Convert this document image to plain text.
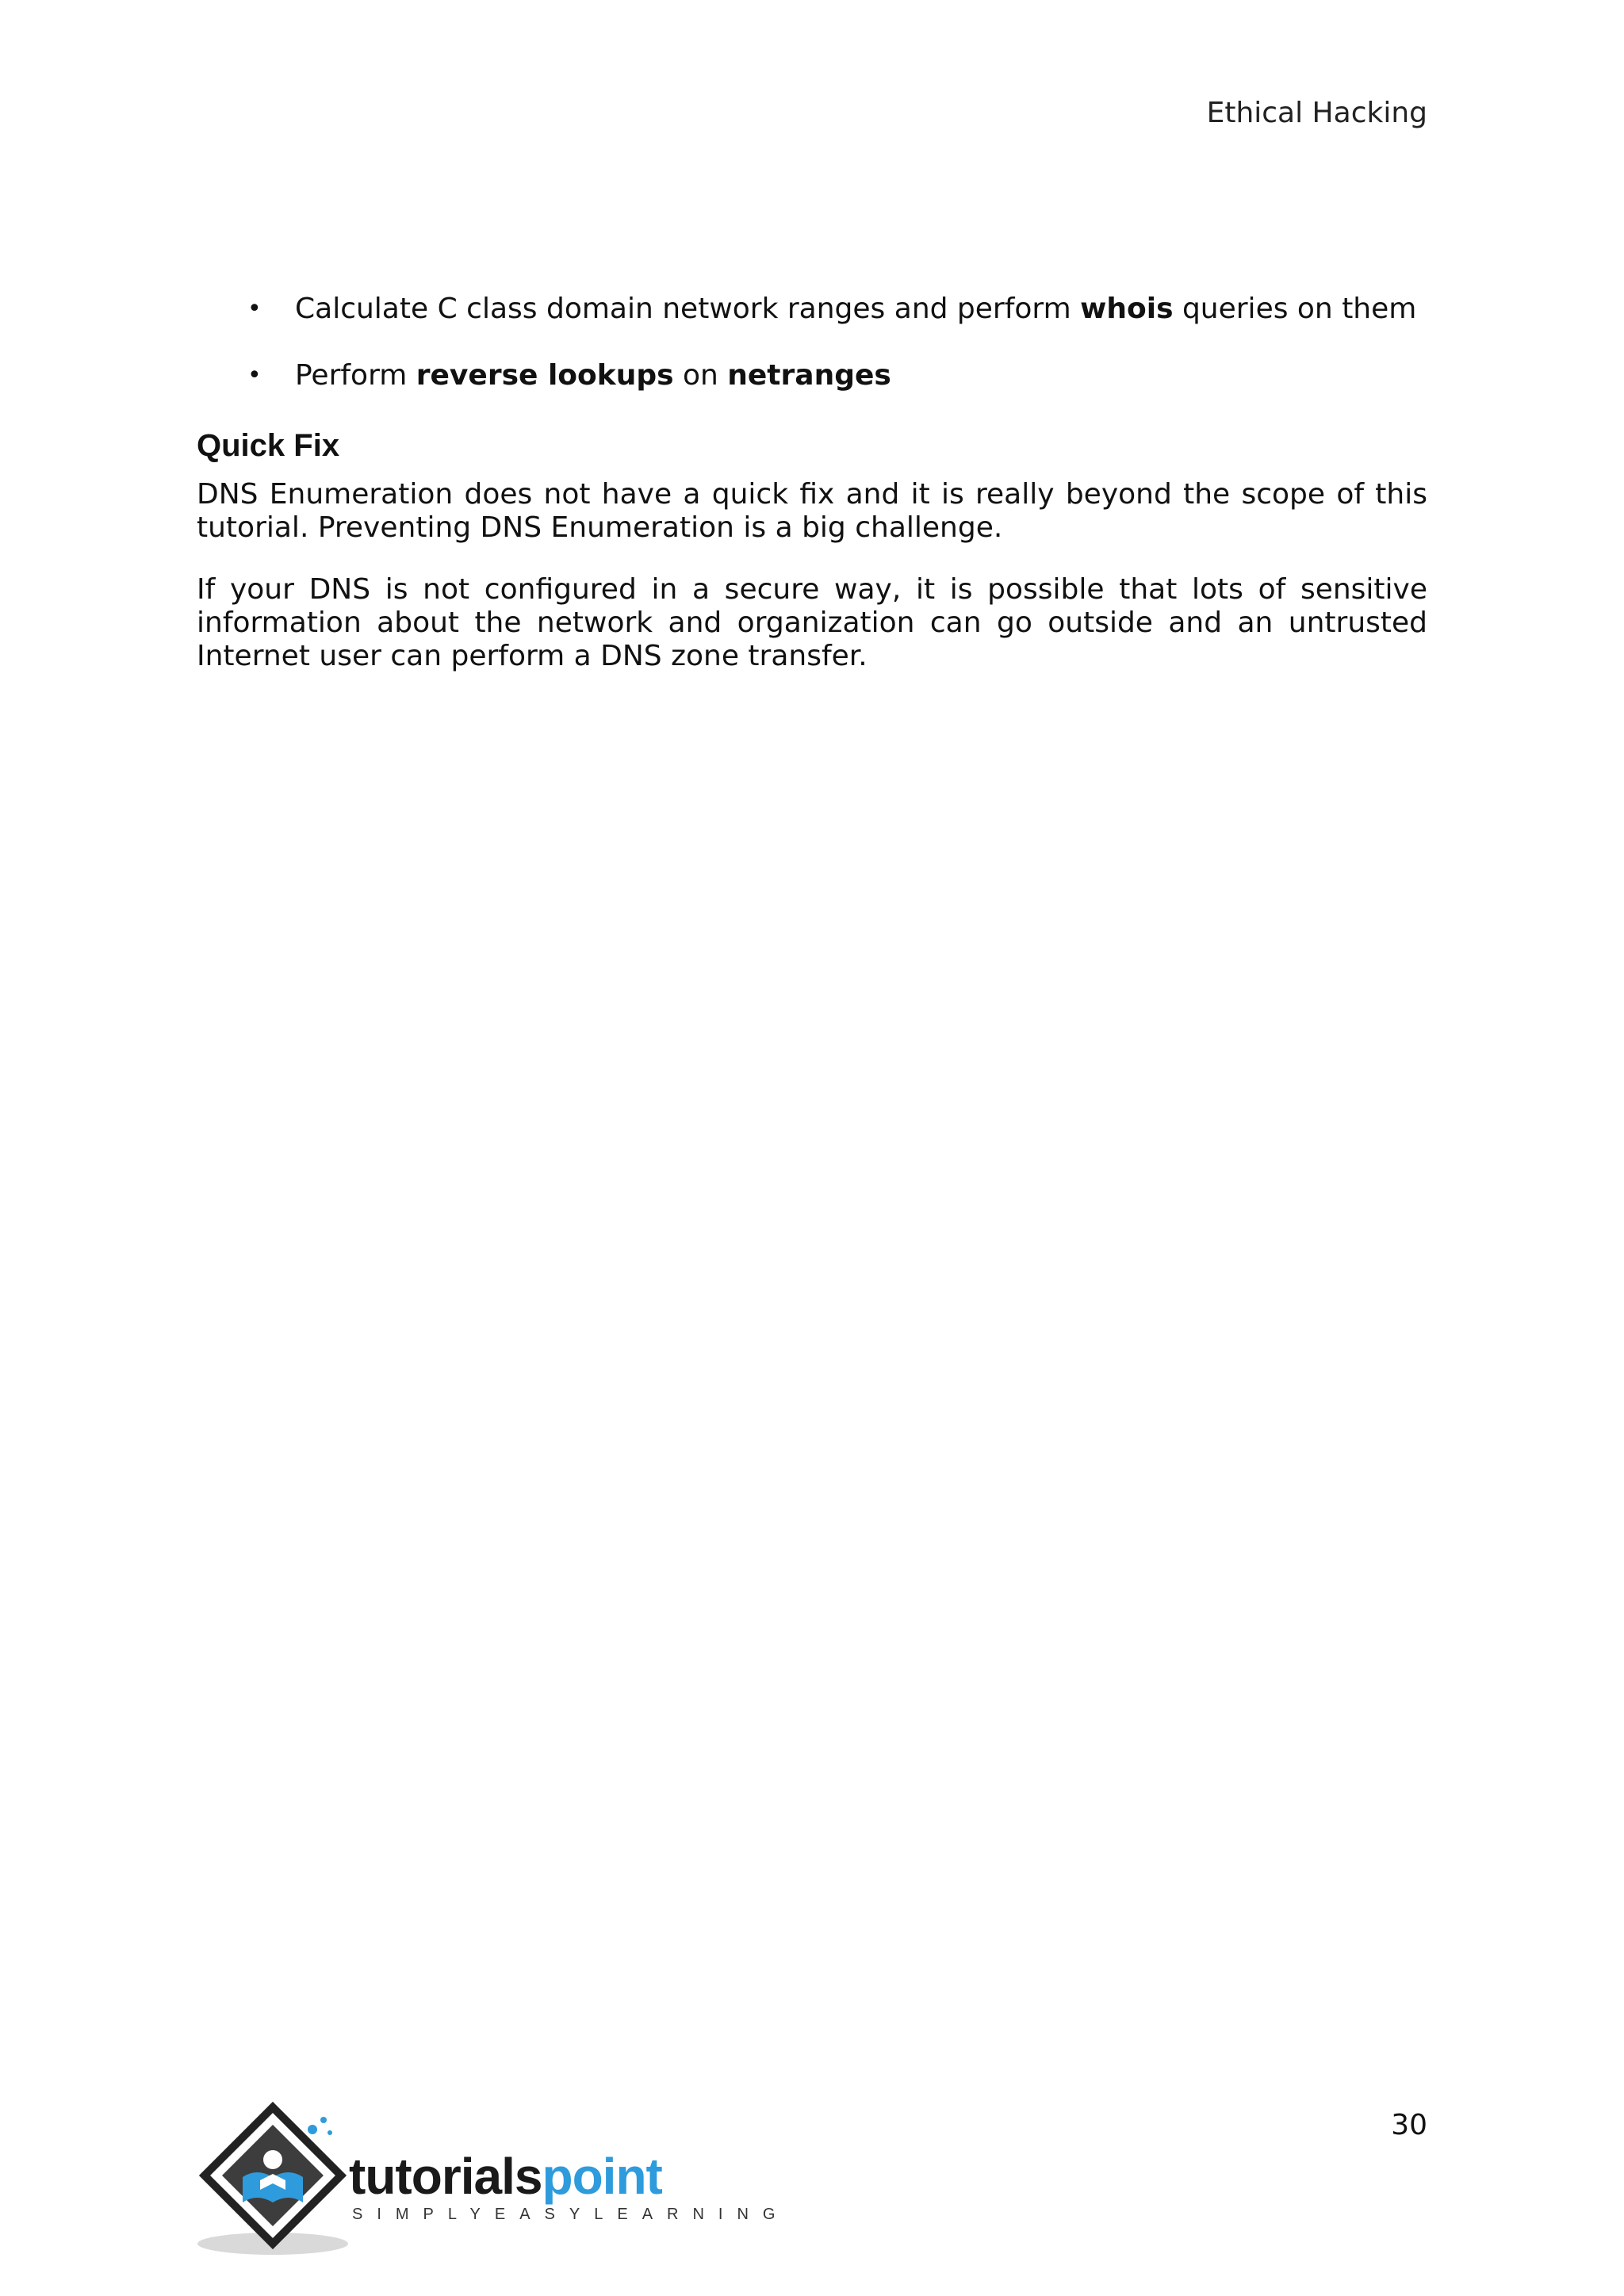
Ethical Hacking
• Calculate C class domain network ranges and perform whois queries on them
• Perform reverse lookups on netranges
Quick Fix

DNS Enumeration does not have a quick fix and it is really beyond the scope of this tutorial. Preventing DNS Enumeration is a big challenge.

If your DNS is not configured in a secure way, it is possible that lots of sensitive information about the network and organization can go outside and an untrusted Internet user can perform a DNS zone transfer.

30
tutorialspoint
SIMPLYEASYLEARNING
